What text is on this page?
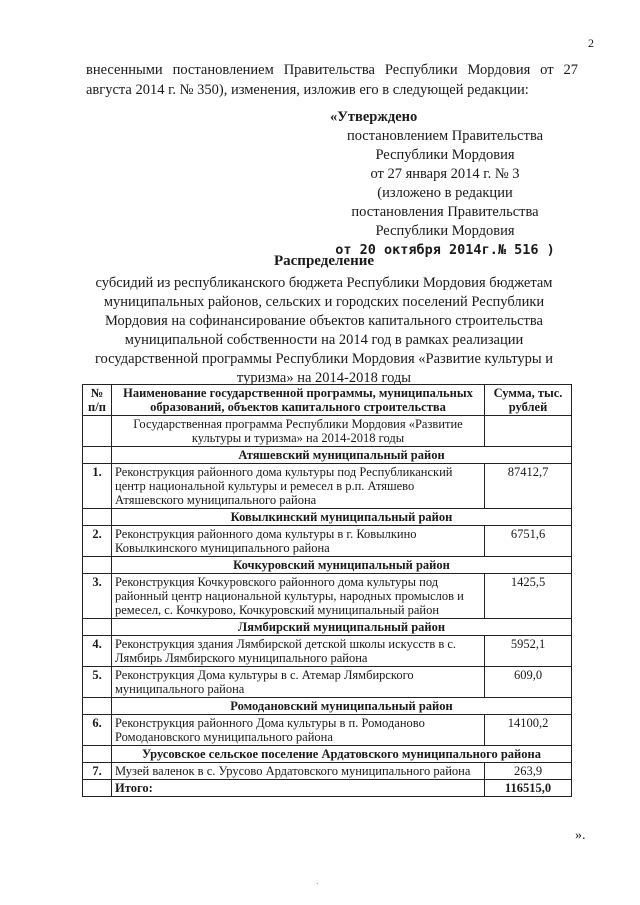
2
внесенными постановлением Правительства Республики Мордовия от 27 августа 2014 г. № 350), изменения, изложив его в следующей редакции:
«Утверждено
постановлением Правительства
Республики Мордовия
от 27 января 2014 г. № 3
(изложено в редакции
постановления Правительства
Республики Мордовия
от 20 октября 2014г.№ 516 )
Распределение
субсидий из республиканского бюджета Республики Мордовия бюджетам муниципальных районов, сельских и городских поселений Республики Мордовия на софинансирование объектов капитального строительства муниципальной собственности на 2014 год в рамках реализации государственной программы Республики Мордовия «Развитие культуры и туризма» на 2014-2018 годы
№ п/п	Наименование государственной программы, муниципальных образований, объектов капитального строительства	Сумма, тыс. рублей
	Государственная программа Республики Мордовия «Развитие культуры и туризма» на 2014-2018 годы	
	Атяшевский муниципальный район	
1.	Реконструкция районного дома культуры под Республиканский центр национальной культуры и ремесел в р.п. Атяшево Атяшевского муниципального района	87412,7
	Ковылкинский муниципальный район	
2.	Реконструкция районного дома культуры в г. Ковылкино Ковылкинского муниципального района	6751,6
	Кочкуровский муниципальный район	
3.	Реконструкция Кочкуровского районного дома культуры под районный центр национальной культуры, народных промыслов и ремесел, с. Кочкурово, Кочкуровский муниципальный район	1425,5
	Лямбирский муниципальный район	
4.	Реконструкция здания Лямбирской детской школы искусств в с. Лямбирь Лямбирского муниципального района	5952,1
5.	Реконструкция Дома культуры в с. Атемар Лямбирского муниципального района	609,0
	Ромодановский муниципальный район	
6.	Реконструкция районного Дома культуры в п. Ромоданово Ромодановского муниципального района	14100,2
	Урусовское сельское поселение Ардатовского муниципального района	
7.	Музей валенок в с. Урусово Ардатовского муниципального района	263,9
	Итого:	116515,0
».
.
